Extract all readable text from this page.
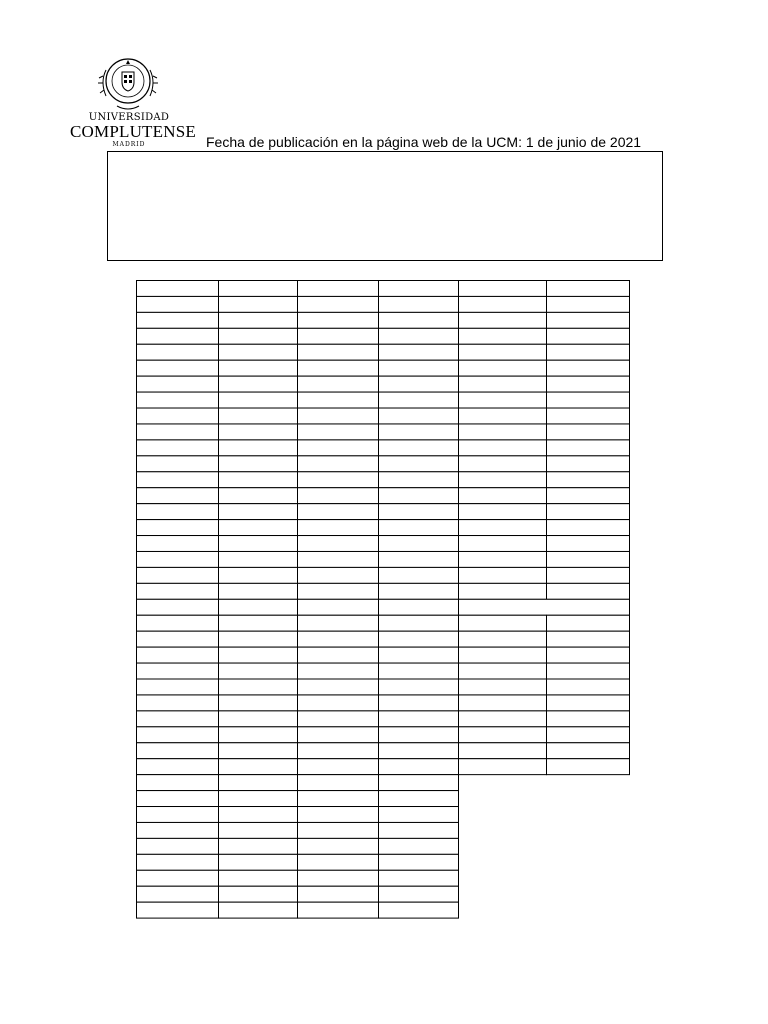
UNIVERSIDAD
COMPLUTENSE
MADRID	Fecha de publicación en la página web de la UCM: 1 de junio de 2021
